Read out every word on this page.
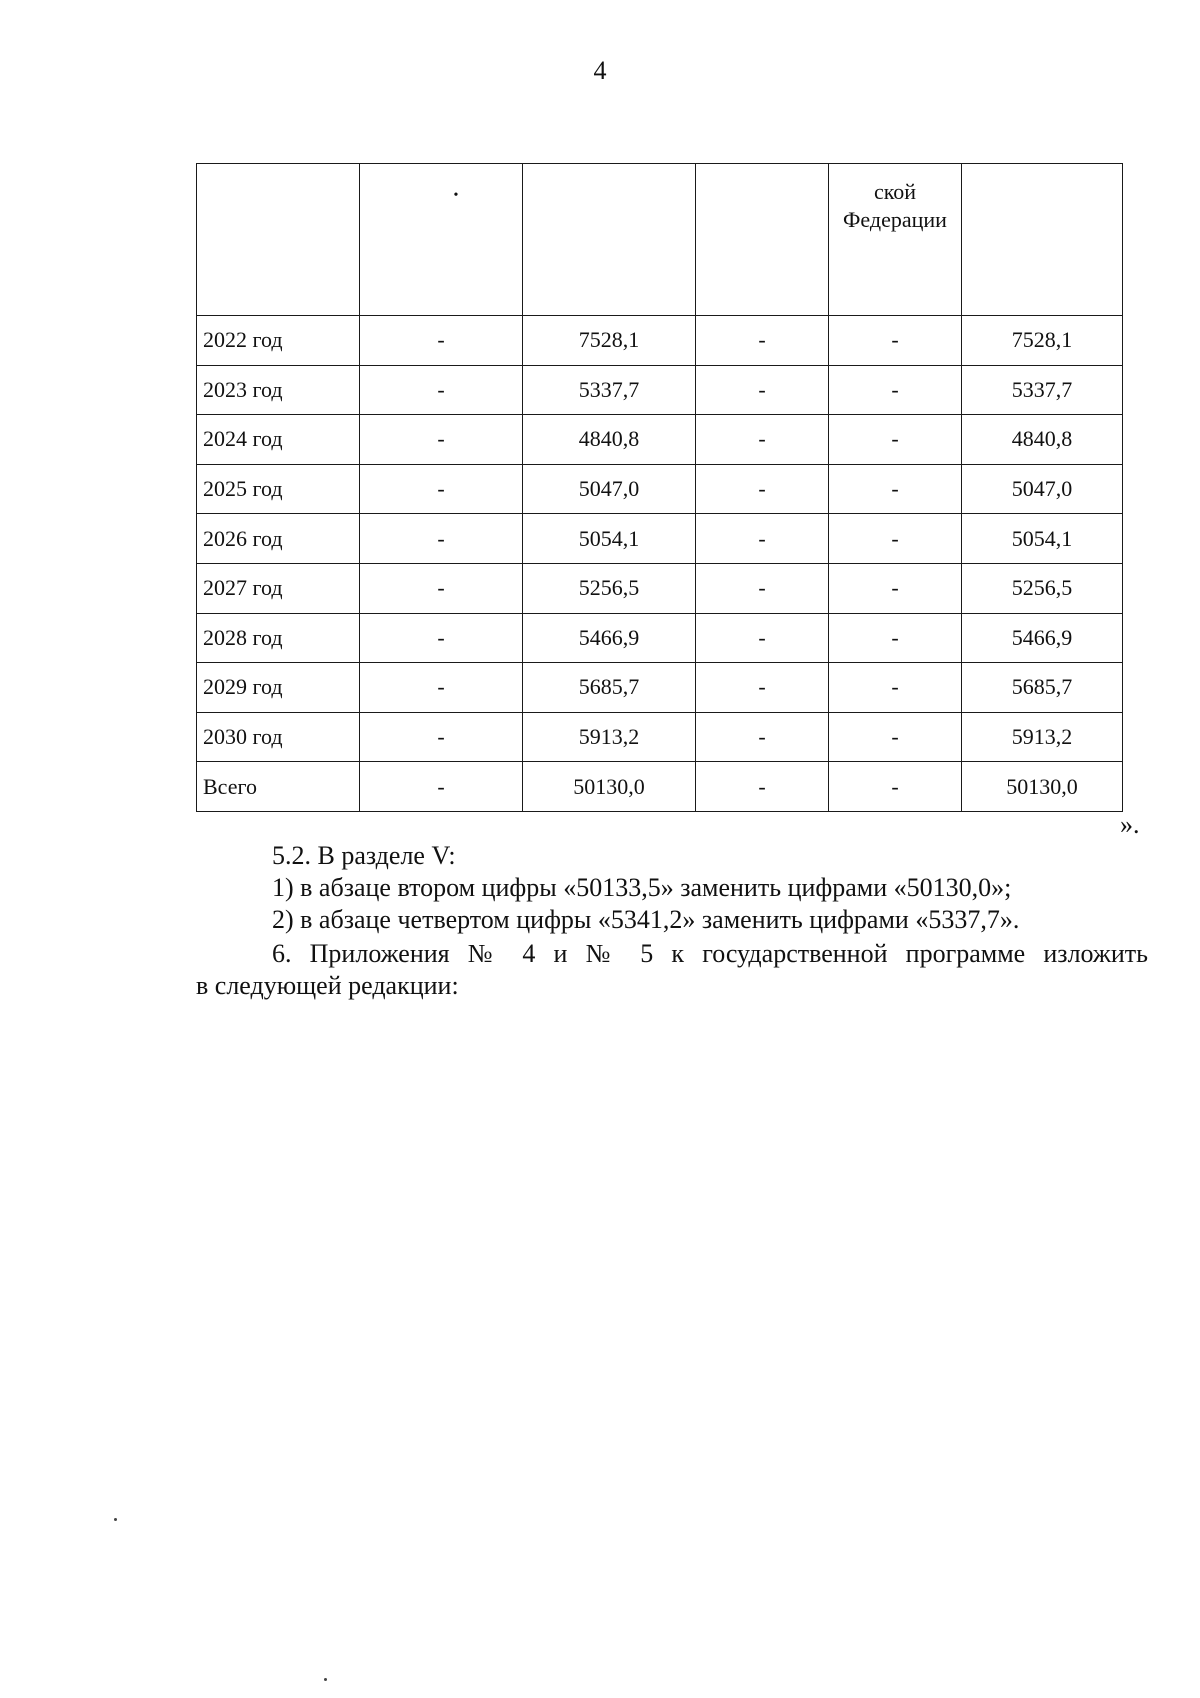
4
	•			ской Федерации	
2022 год	-	7528,1	-	-	7528,1
2023 год	-	5337,7	-	-	5337,7
2024 год	-	4840,8	-	-	4840,8
2025 год	-	5047,0	-	-	5047,0
2026 год	-	5054,1	-	-	5054,1
2027 год	-	5256,5	-	-	5256,5
2028 год	-	5466,9	-	-	5466,9
2029 год	-	5685,7	-	-	5685,7
2030 год	-	5913,2	-	-	5913,2
Всего	-	50130,0	-	-	50130,0
».
5.2. В разделе V:
1) в абзаце втором цифры «50133,5» заменить цифрами «50130,0»;
2) в абзаце четвертом цифры «5341,2» заменить цифрами «5337,7».
6. Приложения № 4 и № 5 к государственной программе изложить
в следующей редакции:
